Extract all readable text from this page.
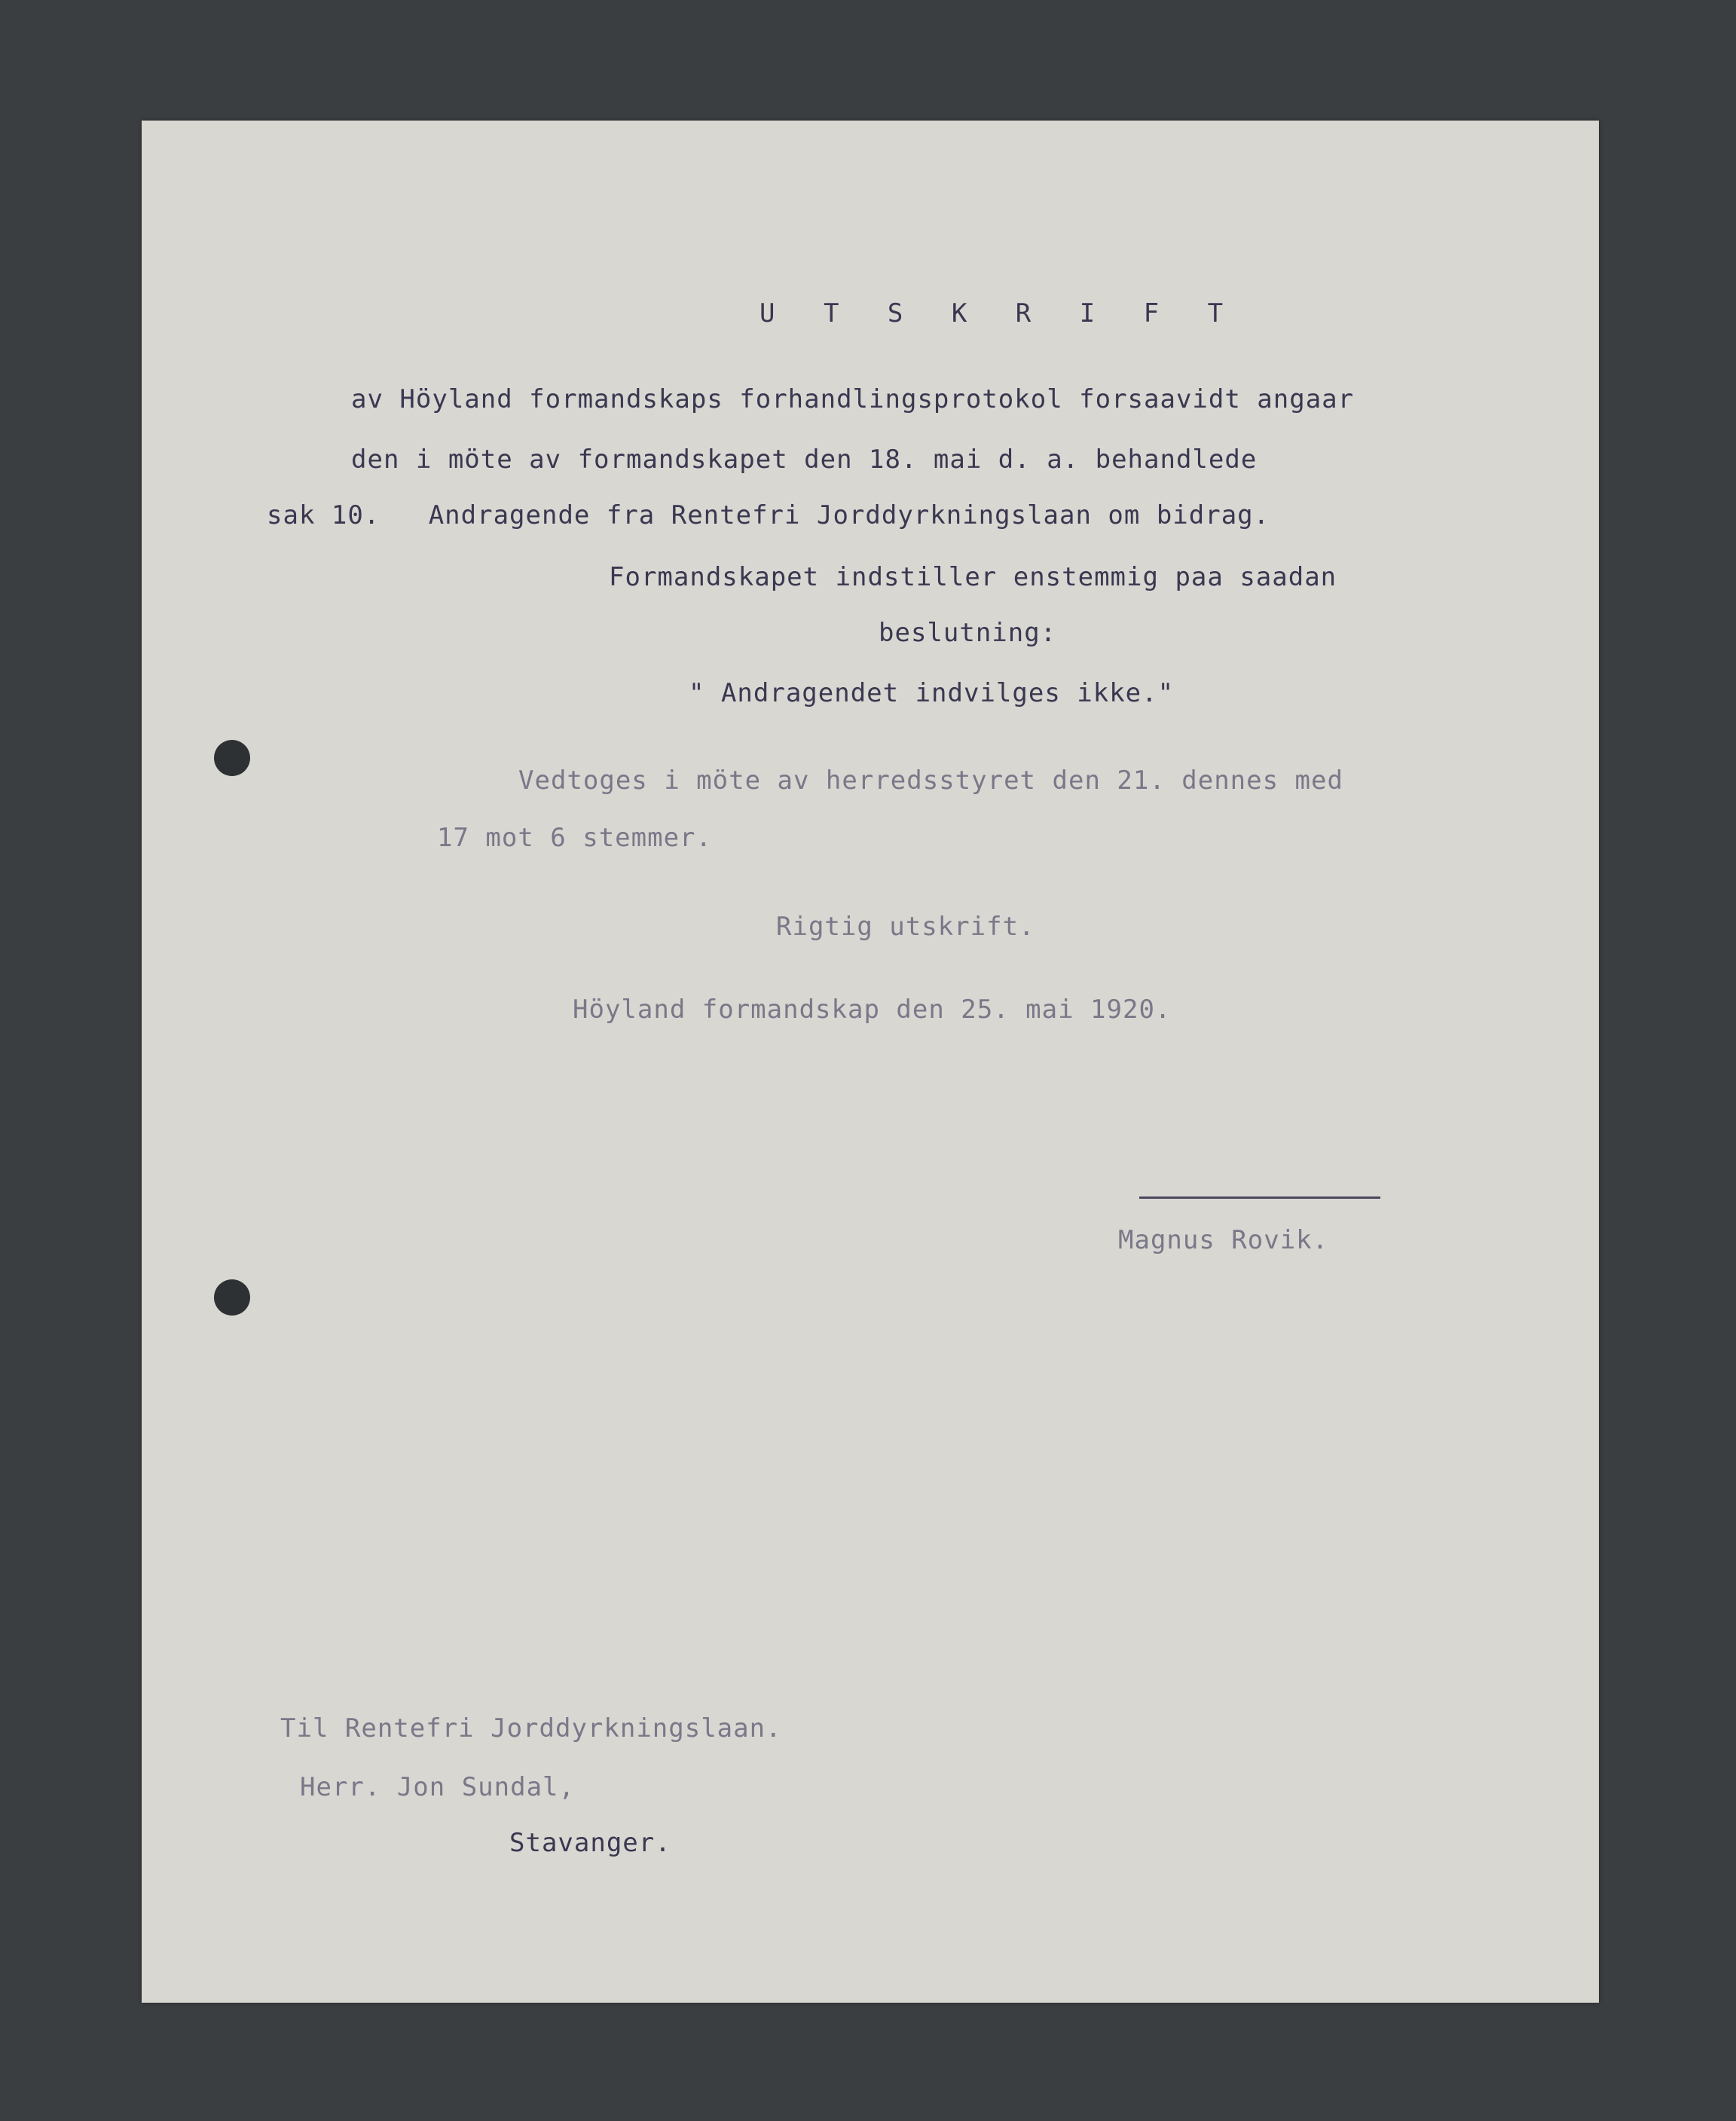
U T S K R I F T
av Höyland formandskaps forhandlingsprotokol forsaavidt angaar
den i möte av formandskapet den 18. mai d. a. behandlede
sak 10.   Andragende fra Rentefri Jorddyrkningslaan om bidrag.
Formandskapet indstiller enstemmig paa saadan
beslutning:
" Andragendet indvilges ikke."
Vedtoges i möte av herredsstyret den 21. dennes med
17 mot 6 stemmer.
Rigtig utskrift.
Höyland formandskap den 25. mai 1920.
Magnus Rovik.
Til Rentefri Jorddyrkningslaan.
Herr. Jon Sundal,
Stavanger.
